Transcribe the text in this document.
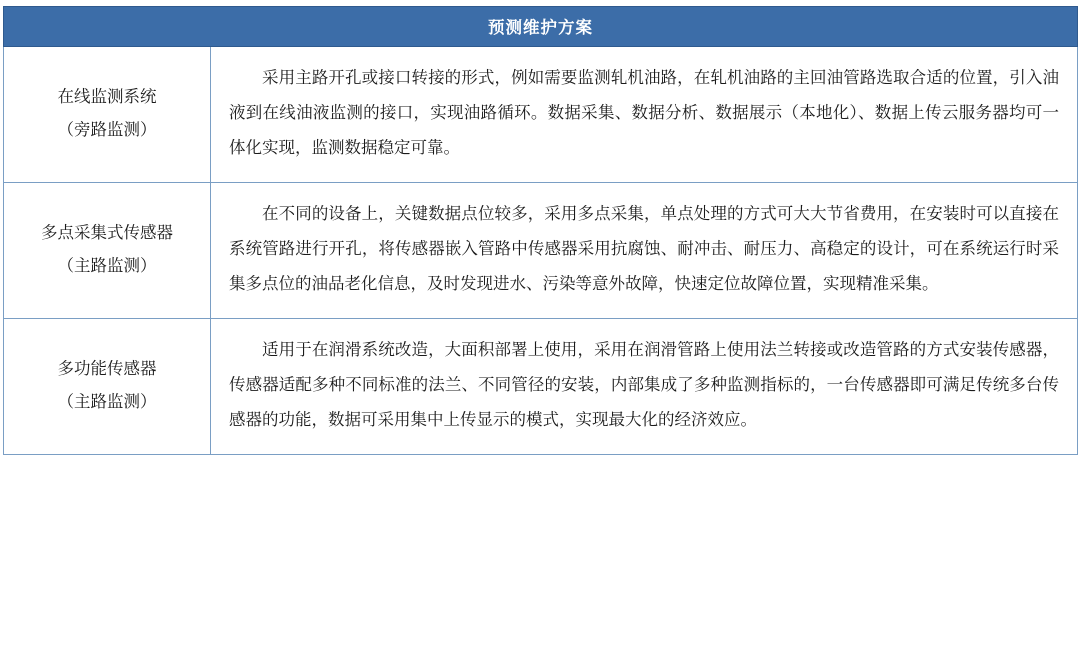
预测维护方案	

在线监测系统
（旁路监测）	采用主路开孔或接口转接的形式，例如需要监测轧机油路，在轧机油路的主回油管路选取合适的位置，引入油液到在线油液监测的接口，实现油路循环。数据采集、数据分析、数据展示（本地化）、数据上传云服务器均可一体化实现，监测数据稳定可靠。

多点采集式传感器
（主路监测）	在不同的设备上，关键数据点位较多，采用多点采集，单点处理的方式可大大节省费用，在安装时可以直接在系统管路进行开孔，将传感器嵌入管路中传感器采用抗腐蚀、耐冲击、耐压力、高稳定的设计，可在系统运行时采集多点位的油品老化信息，及时发现进水、污染等意外故障，快速定位故障位置，实现精准采集。

多功能传感器
（主路监测）	适用于在润滑系统改造，大面积部署上使用，采用在润滑管路上使用法兰转接或改造管路的方式安装传感器，传感器适配多种不同标准的法兰、不同管径的安装，内部集成了多种监测指标的，一台传感器即可满足传统多台传感器的功能，数据可采用集中上传显示的模式，实现最大化的经济效应。
